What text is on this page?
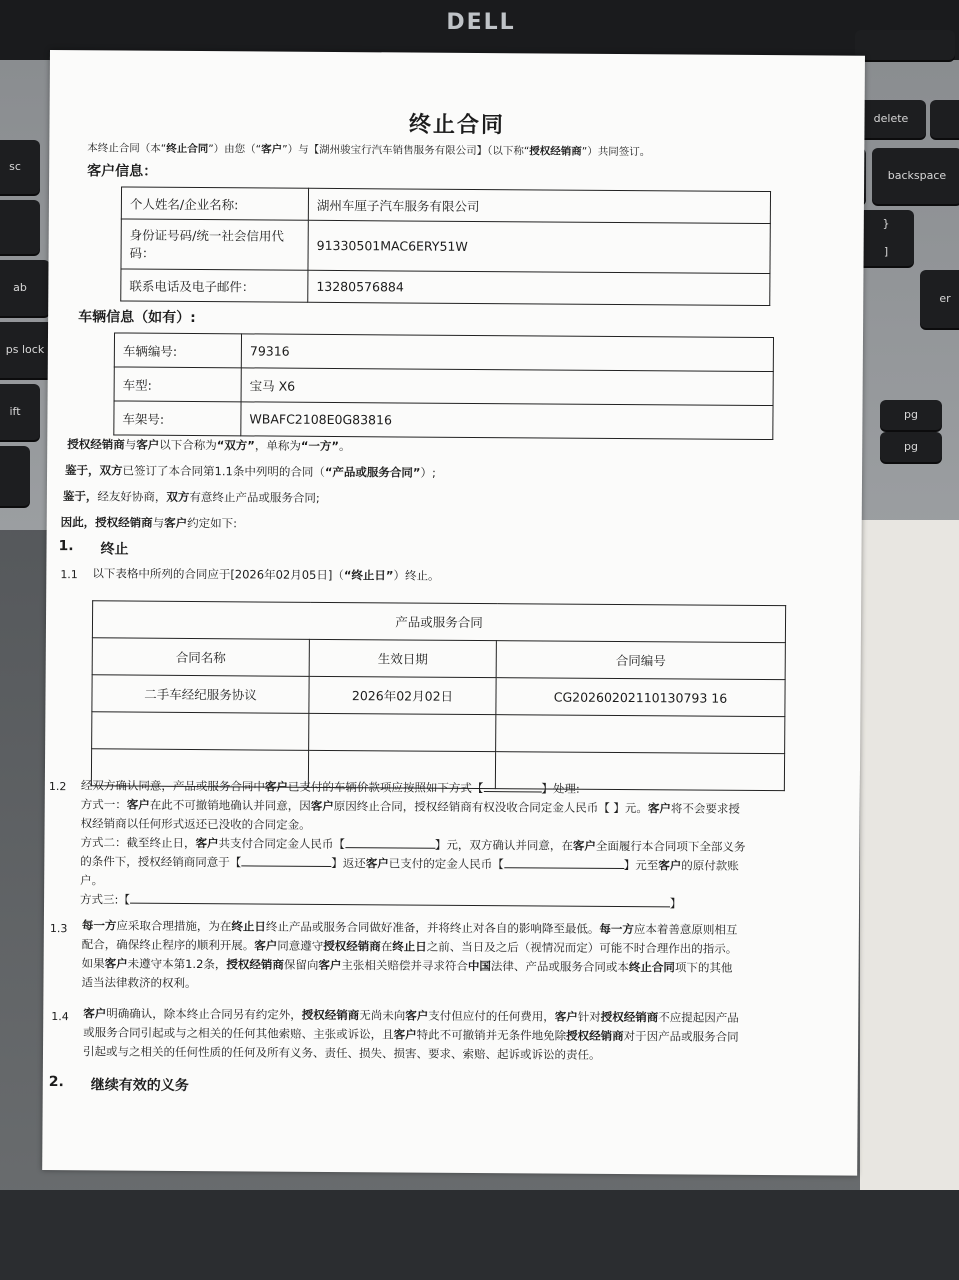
DELL
delete

backspace
}
]
er
sc
ab
ps lock
ift	pg
pg
终止合同
本终止合同（本“终止合同”）由您（“客户”）与【湖州骏宝行汽车销售服务有限公司】（以下称“授权经销商”）共同签订。
客户信息：
个人姓名/企业名称:	湖州车厘子汽车服务有限公司
身份证号码/统一社会信用代码：	91330501MAC6ERY51W
联系电话及电子邮件：	13280576884
车辆信息（如有）:
车辆编号:	79316
车型:	宝马 X6
车架号:	WBAFC2108E0G83816
授权经销商与客户以下合称为“双方”，单称为“一方”。
鉴于，双方已签订了本合同第1.1条中列明的合同（“产品或服务合同”）;
鉴于，经友好协商，双方有意终止产品或服务合同;
因此，授权经销商与客户约定如下:
1. 终止
1.1 以下表格中所列的合同应于[2026年02月05日]（“终止日”）终止。
产品或服务合同		
合同名称	生效日期	合同编号
二手车经纪服务协议	2026年02月02日	CG20260202110130793 16

1.2 经双方确认同意，产品或服务合同中客户已支付的车辆价款项应按照如下方式【	】处理:
方式一：客户在此不可撤销地确认并同意，因客户原因终止合同，授权经销商有权没收合同定金人民币【 】元。客户将不会要求授
权经销商以任何形式返还已没收的合同定金。
方式二：截至终止日，客户共支付合同定金人民币【	】元，双方确认并同意，在客户全面履行本合同项下全部义务
的条件下，授权经销商同意于【	】返还客户已支付的定金人民币【	】元至客户的原付款账
户。
方式三:【	】
1.3 每一方应采取合理措施，为在终止日终止产品或服务合同做好准备，并将终止对各自的影响降至最低。每一方应本着善意原则相互
配合，确保终止程序的顺利开展。客户同意遵守授权经销商在终止日之前、当日及之后（视情况而定）可能不时合理作出的指示。
如果客户未遵守本第1.2条，授权经销商保留向客户主张相关赔偿并寻求符合中国法律、产品或服务合同或本终止合同项下的其他
适当法律救济的权利。
1.4 客户明确确认，除本终止合同另有约定外，授权经销商无尚未向客户支付但应付的任何费用，客户针对授权经销商不应提起因产品
或服务合同引起或与之相关的任何其他索赔、主张或诉讼，且客户特此不可撤销并无条件地免除授权经销商对于因产品或服务合同
引起或与之相关的任何性质的任何及所有义务、责任、损失、损害、要求、索赔、起诉或诉讼的责任。
2. 继续有效的义务
